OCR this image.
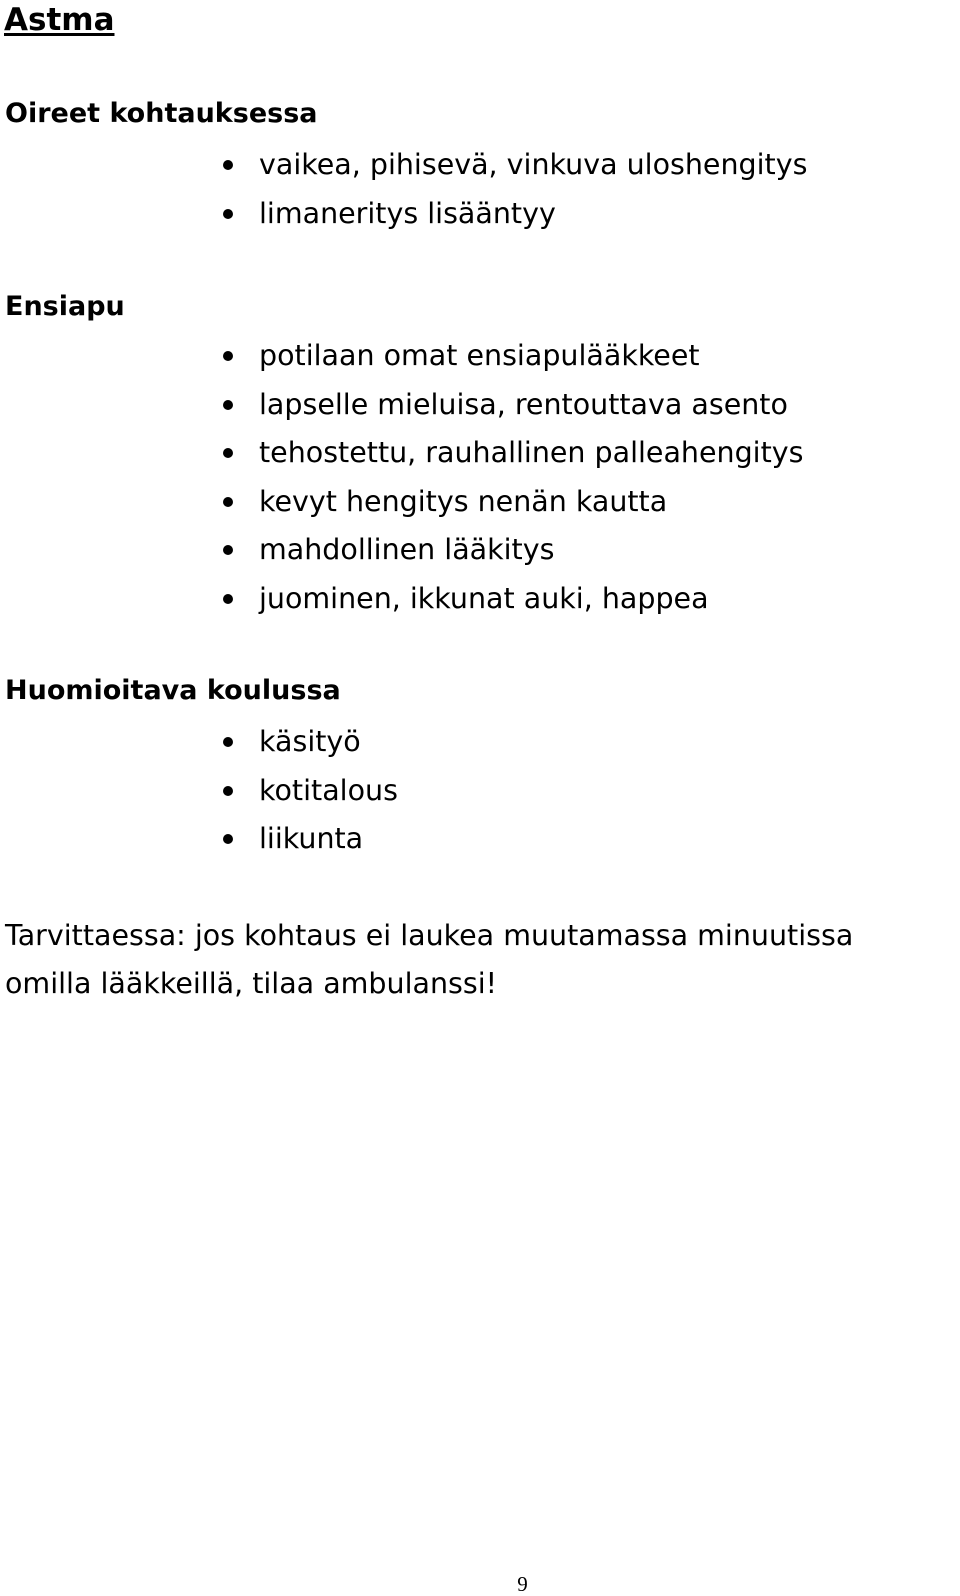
Astma
Oireet kohtauksessa
vaikea, pihisevä, vinkuva uloshengitys
limaneritys lisääntyy
Ensiapu
potilaan omat ensiapulääkkeet
lapselle mieluisa, rentouttava asento
tehostettu, rauhallinen palleahengitys
kevyt hengitys nenän kautta
mahdollinen lääkitys
juominen, ikkunat auki, happea
Huomioitava koulussa
käsityö
kotitalous
liikunta

Tarvittaessa: jos kohtaus ei laukea muutamassa minuutissa
omilla lääkkeillä, tilaa ambulanssi!

9
